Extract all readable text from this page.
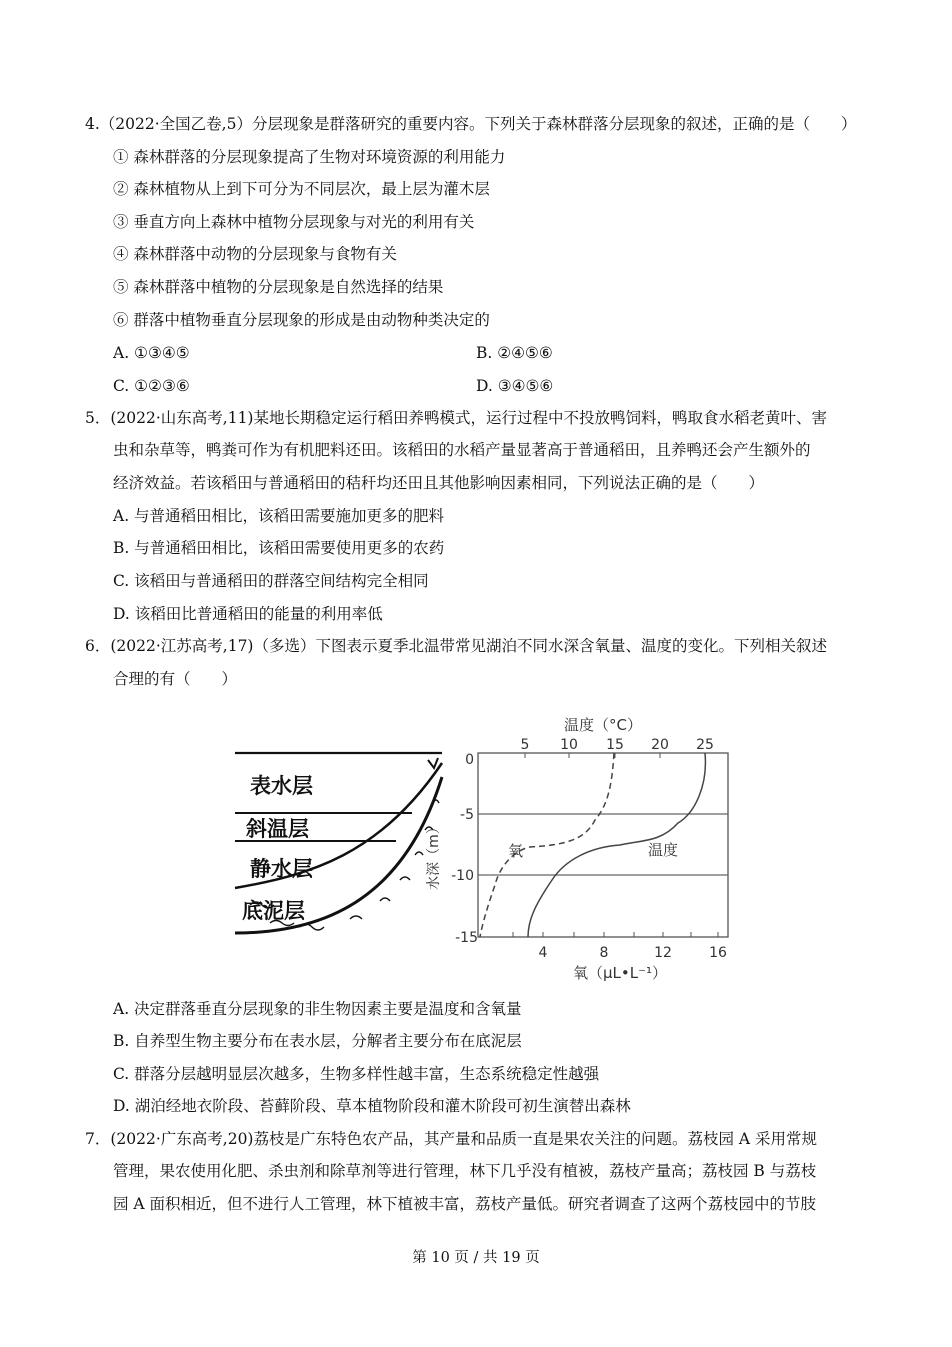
4.（2022·全国乙卷,5）分层现象是群落研究的重要内容。下列关于森林群落分层现象的叙述，正确的是（　　）
① 森林群落的分层现象提高了生物对环境资源的利用能力
② 森林植物从上到下可分为不同层次，最上层为灌木层
③ 垂直方向上森林中植物分层现象与对光的利用有关
④ 森林群落中动物的分层现象与食物有关
⑤ 森林群落中植物的分层现象是自然选择的结果
⑥ 群落中植物垂直分层现象的形成是由动物种类决定的
A. ①③④⑤	B. ②④⑤⑥
C. ①②③⑥	D. ③④⑤⑥
5．(2022·山东高考,11)某地长期稳定运行稻田养鸭模式，运行过程中不投放鸭饲料，鸭取食水稻老黄叶、害
虫和杂草等，鸭粪可作为有机肥料还田。该稻田的水稻产量显著高于普通稻田，且养鸭还会产生额外的
经济效益。若该稻田与普通稻田的秸秆均还田且其他影响因素相同，下列说法正确的是（　　）
A. 与普通稻田相比，该稻田需要施加更多的肥料
B. 与普通稻田相比，该稻田需要使用更多的农药
C. 该稻田与普通稻田的群落空间结构完全相同
D. 该稻田比普通稻田的能量的利用率低
6．(2022·江苏高考,17)（多选）下图表示夏季北温带常见湖泊不同水深含氧量、温度的变化。下列相关叙述
合理的有（　　）
表水层
斜温层
静水层
底泥层
氧	温度
温度（°C）
5 10 15 20 25
0
-5
-10
-15
水深（m）
4	8	12	16
氧（μL•L⁻¹）
A. 决定群落垂直分层现象的非生物因素主要是温度和含氧量
B. 自养型生物主要分布在表水层，分解者主要分布在底泥层
C. 群落分层越明显层次越多，生物多样性越丰富，生态系统稳定性越强
D. 湖泊经地衣阶段、苔藓阶段、草本植物阶段和灌木阶段可初生演替出森林
7．(2022·广东高考,20)荔枝是广东特色农产品，其产量和品质一直是果农关注的问题。荔枝园 A 采用常规
管理，果农使用化肥、杀虫剂和除草剂等进行管理，林下几乎没有植被，荔枝产量高；荔枝园 B 与荔枝
园 A 面积相近，但不进行人工管理，林下植被丰富，荔枝产量低。研究者调查了这两个荔枝园中的节肢
第 10 页 / 共 19 页
